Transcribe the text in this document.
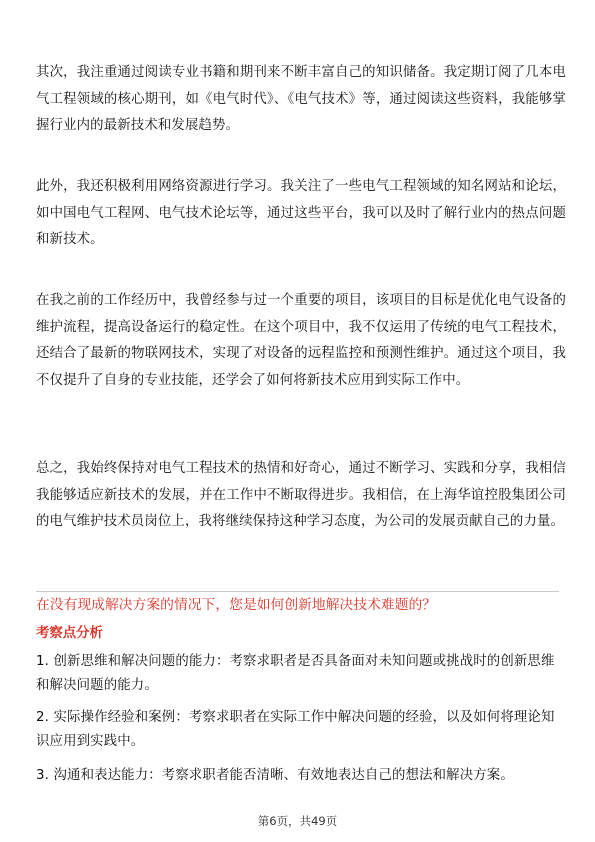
其次，我注重通过阅读专业书籍和期刊来不断丰富自己的知识储备。我定期订阅了几本电气工程领域的核心期刊，如《电气时代》、《电气技术》等，通过阅读这些资料，我能够掌握行业内的最新技术和发展趋势。

此外，我还积极利用网络资源进行学习。我关注了一些电气工程领域的知名网站和论坛，如中国电气工程网、电气技术论坛等，通过这些平台，我可以及时了解行业内的热点问题和新技术。

在我之前的工作经历中，我曾经参与过一个重要的项目，该项目的目标是优化电气设备的维护流程，提高设备运行的稳定性。在这个项目中，我不仅运用了传统的电气工程技术，还结合了最新的物联网技术，实现了对设备的远程监控和预测性维护。通过这个项目，我不仅提升了自身的专业技能，还学会了如何将新技术应用到实际工作中。

总之，我始终保持对电气工程技术的热情和好奇心，通过不断学习、实践和分享，我相信我能够适应新技术的发展，并在工作中不断取得进步。我相信，在上海华谊控股集团公司的电气维护技术员岗位上，我将继续保持这种学习态度，为公司的发展贡献自己的力量。

在没有现成解决方案的情况下，您是如何创新地解决技术难题的？

考察点分析

1. 创新思维和解决问题的能力：考察求职者是否具备面对未知问题或挑战时的创新思维和解决问题的能力。

2. 实际操作经验和案例：考察求职者在实际工作中解决问题的经验，以及如何将理论知识应用到实践中。

3. 沟通和表达能力：考察求职者能否清晰、有效地表达自己的想法和解决方案。

第6页，共49页
